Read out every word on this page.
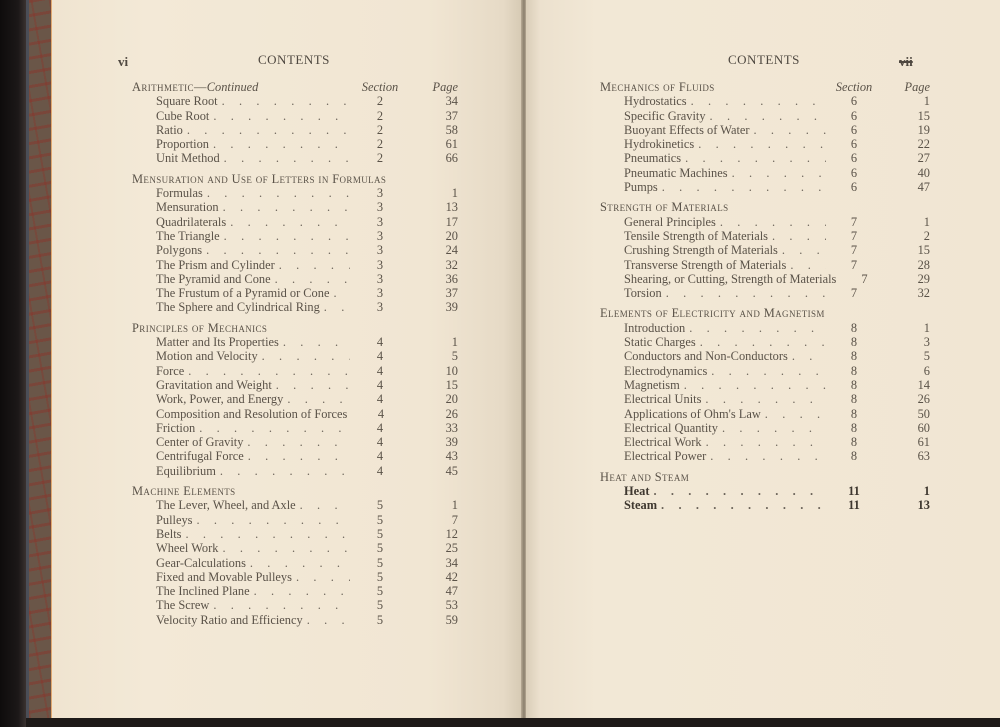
vi	CONTENTS
Arithmetic—Continued	Section	Page
Square Root . . .	2	34
Cube Root . . .	2	37
Ratio . . .	2	58
Proportion . . .	2	61
Unit Method . . .	2	66
Mensuration and Use of Letters in Formulas
Formulas . . .	3	1
Mensuration . . .	3	13
Quadrilaterals . . .	3	17
The Triangle . . .	3	20
Polygons . . .	3	24
The Prism and Cylinder . . .	3	32
The Pyramid and Cone . . .	3	36
The Frustum of a Pyramid or Cone . . .	3	37
The Sphere and Cylindrical Ring . . .	3	39
Principles of Mechanics
Matter and Its Properties . . .	4	1
Motion and Velocity . . .	4	5
Force . . .	4	10
Gravitation and Weight . . .	4	15
Work, Power, and Energy . . .	4	20
Composition and Resolution of Forces . . .	4	26
Friction . . .	4	33
Center of Gravity . . .	4	39
Centrifugal Force . . .	4	43
Equilibrium . . .	4	45
Machine Elements
The Lever, Wheel, and Axle . . .	5	1
Pulleys . . .	5	7
Belts . . .	5	12
Wheel Work . . .	5	25
Gear-Calculations . . .	5	34
Fixed and Movable Pulleys . . .	5	42
The Inclined Plane . . .	5	47
The Screw . . .	5	53
Velocity Ratio and Efficiency . . .	5	59
CONTENTS	vii
Mechanics of Fluids	Section	Page
Hydrostatics . . .	6	1
Specific Gravity . . .	6	15
Buoyant Effects of Water . . .	6	19
Hydrokinetics . . .	6	22
Pneumatics . . .	6	27
Pneumatic Machines . . .	6	40
Pumps . . .	6	47
Strength of Materials
General Principles . . .	7	1
Tensile Strength of Materials . . .	7	2
Crushing Strength of Materials . . .	7	15
Transverse Strength of Materials . . .	7	28
Shearing, or Cutting, Strength of Materials . . .	7	29
Torsion . . .	7	32
Elements of Electricity and Magnetism
Introduction . . .	8	1
Static Charges . . .	8	3
Conductors and Non-Conductors . . .	8	5
Electrodynamics . . .	8	6
Magnetism . . .	8	14
Electrical Units . . .	8	26
Applications of Ohm's Law . . .	8	50
Electrical Quantity . . .	8	60
Electrical Work . . .	8	61
Electrical Power . . .	8	63
Heat and Steam
Heat . . .	11	1
Steam . . .	11	13
